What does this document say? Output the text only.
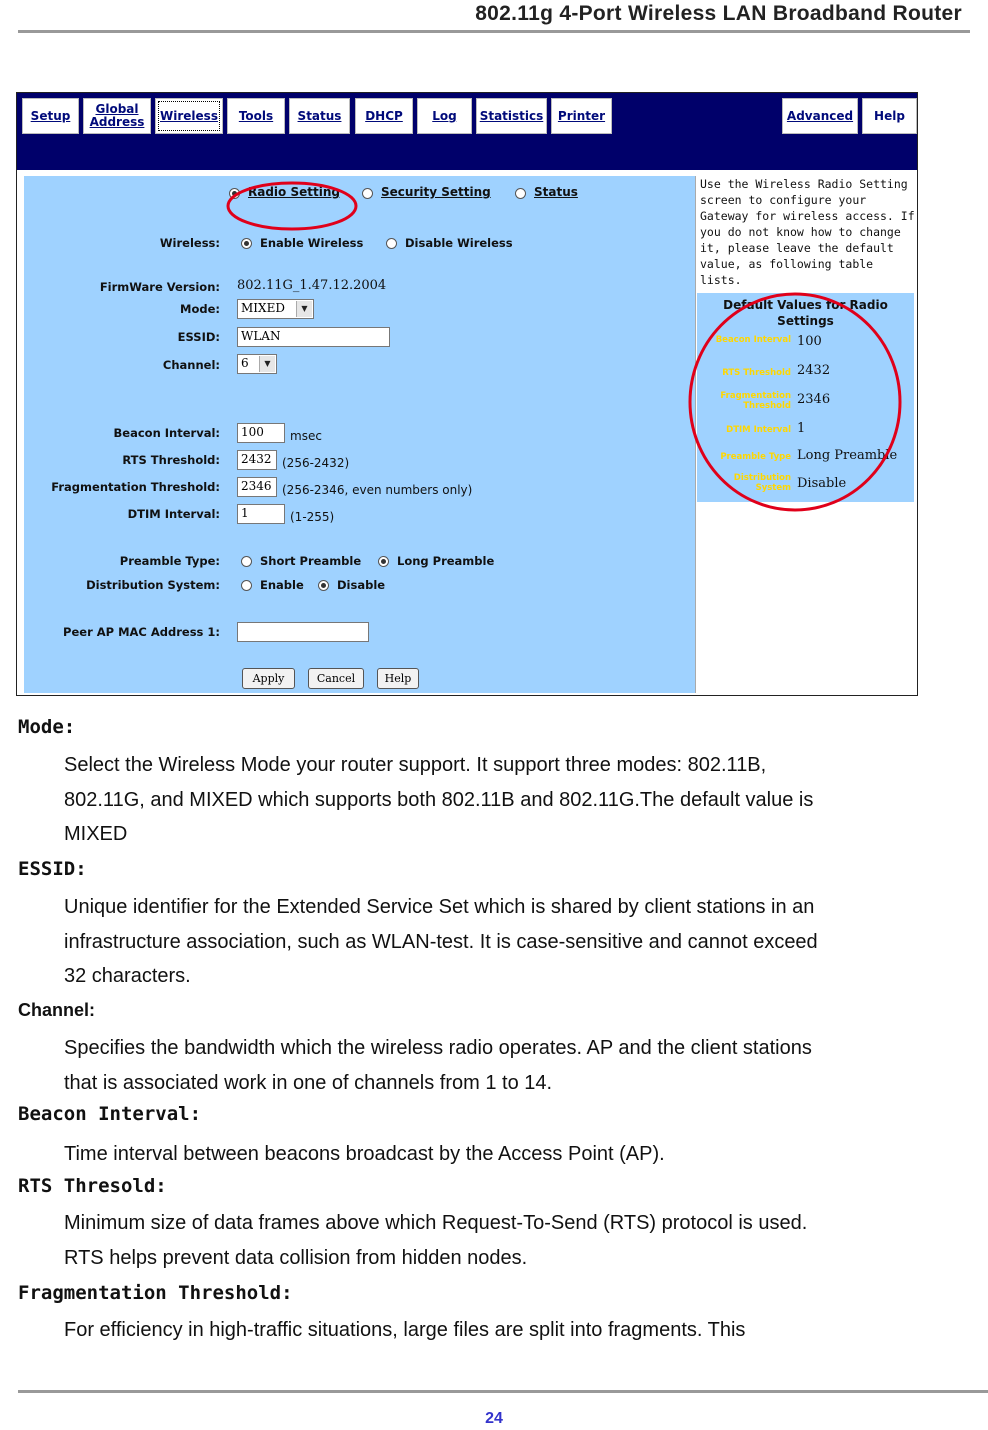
802.11g 4-Port Wireless LAN Broadband Router
Setup	Global Address	Wireless	Tools	Status	DHCP	Log	Statistics	Printer	Advanced	Help
Radio Setting	Security Setting	Status
Wireless:	Enable Wireless	Disable Wireless
FirmWare Version: 802.11G_1.47.12.2004
Mode:	MIXED	▼
ESSID:	WLAN
Channel:	6	▼
Beacon Interval:	100	msec
RTS Threshold:	2432 (256-2432)
Fragmentation Threshold:	2346 (256-2346, even numbers only)
DTIM Interval:	1	(1-255)
Preamble Type:	Short Preamble	Long Preamble
Distribution System:	Enable	Disable
Peer AP MAC Address 1:
Apply	Cancel	Help
Use the Wireless Radio Setting screen to configure your Gateway for wireless access. If you do not know how to change it, please leave the default value, as following table lists.
Default Values for Radio Settings
Beacon Interval 100
RTS Threshold 2432
Fragmentation Threshold 2346
DTIM Interval 1
Preamble Type Long Preamble
Distribution System Disable
Mode:
Select the Wireless Mode your router support. It support three modes: 802.11B,
802.11G, and MIXED which supports both 802.11B and 802.11G.The default value is
MIXED
ESSID:
Unique identifier for the Extended Service Set which is shared by client stations in an
infrastructure association, such as WLAN-test. It is case-sensitive and cannot exceed
32 characters.
Channel:
Specifies the bandwidth which the wireless radio operates. AP and the client stations
that is associated work in one of channels from 1 to 14.
Beacon Interval:
Time interval between beacons broadcast by the Access Point (AP).
RTS Thresold:
Minimum size of data frames above which Request-To-Send (RTS) protocol is used.
RTS helps prevent data collision from hidden nodes.
Fragmentation Threshold:
For efficiency in high-traffic situations, large files are split into fragments. This
24
